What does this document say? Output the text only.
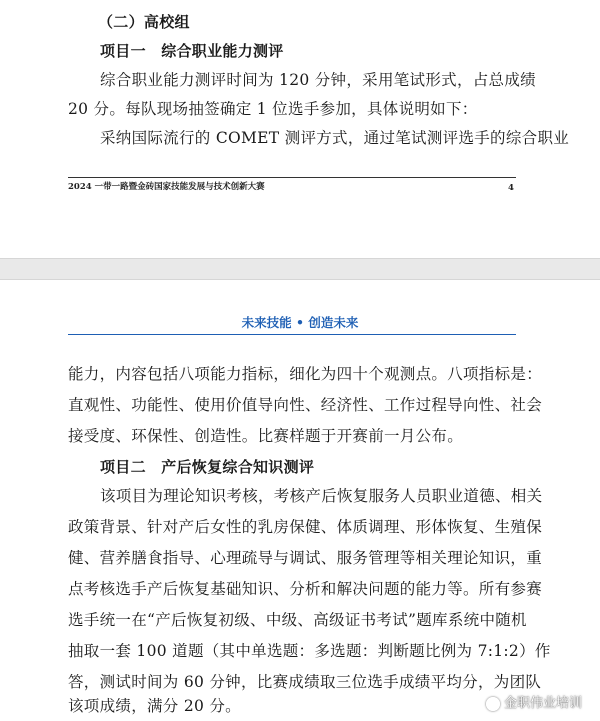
（二）高校组
项目一　综合职业能力测评
综合职业能力测评时间为 120 分钟，采用笔试形式，占总成绩
20 分。每队现场抽签确定 1 位选手参加，具体说明如下：
采纳国际流行的 COMET 测评方式，通过笔试测评选手的综合职业
2024 一带一路暨金砖国家技能发展与技术创新大赛	4
未来技能 • 创造未来
能力，内容包括八项能力指标，细化为四十个观测点。八项指标是：
直观性、功能性、使用价值导向性、经济性、工作过程导向性、社会
接受度、环保性、创造性。比赛样题于开赛前一月公布。
项目二　产后恢复综合知识测评
该项目为理论知识考核，考核产后恢复服务人员职业道德、相关
政策背景、针对产后女性的乳房保健、体质调理、形体恢复、生殖保
健、营养膳食指导、心理疏导与调试、服务管理等相关理论知识，重
点考核选手产后恢复基础知识、分析和解决问题的能力等。所有参赛
选手统一在“产后恢复初级、中级、高级证书考试”题库系统中随机
抽取一套 100 道题（其中单选题：多选题：判断题比例为 7:1:2）作
答，测试时间为 60 分钟，比赛成绩取三位选手成绩平均分，为团队
该项成绩，满分 20 分。	金职伟业培训
